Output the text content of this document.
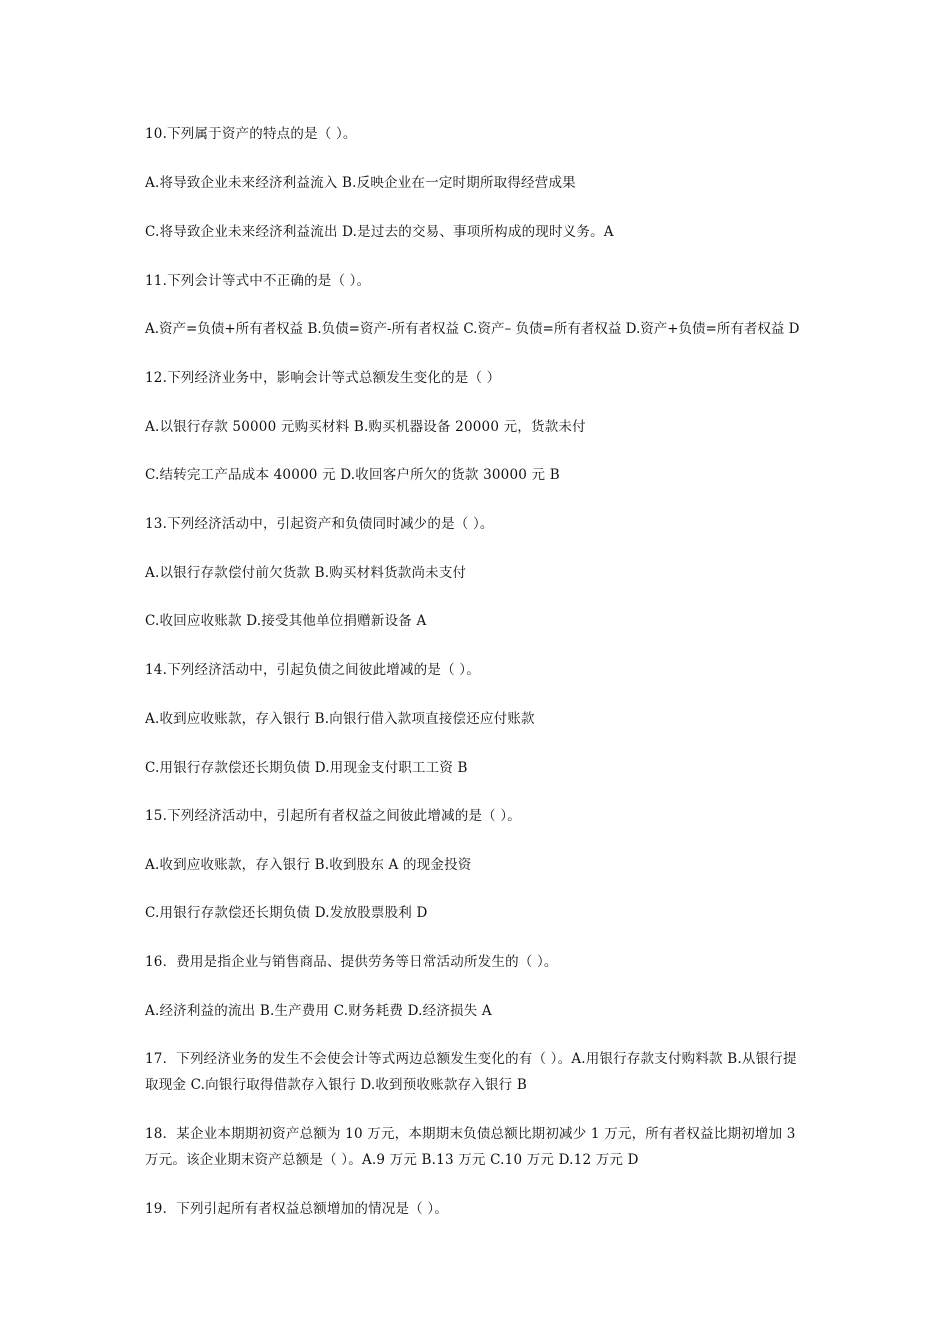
10.下列属于资产的特点的是（ ）。
A.将导致企业未来经济利益流入 B.反映企业在一定时期所取得经营成果
C.将导致企业未来经济利益流出 D.是过去的交易、事项所构成的现时义务。A
11.下列会计等式中不正确的是（ ）。
A.资产=负债+所有者权益 B.负债=资产-所有者权益 C.资产– 负债=所有者权益 D.资产+负债=所有者权益 D
12.下列经济业务中，影响会计等式总额发生变化的是（ ）
A.以银行存款 50000 元购买材料 B.购买机器设备 20000 元，货款未付
C.结转完工产品成本 40000 元 D.收回客户所欠的货款 30000 元 B
13.下列经济活动中，引起资产和负债同时减少的是（ ）。
A.以银行存款偿付前欠货款 B.购买材料货款尚未支付
C.收回应收账款 D.接受其他单位捐赠新设备 A
14.下列经济活动中，引起负债之间彼此增减的是（ ）。
A.收到应收账款，存入银行 B.向银行借入款项直接偿还应付账款
C.用银行存款偿还长期负债 D.用现金支付职工工资 B
15.下列经济活动中，引起所有者权益之间彼此增减的是（ ）。
A.收到应收账款，存入银行 B.收到股东 A 的现金投资
C.用银行存款偿还长期负债 D.发放股票股利 D
16．费用是指企业与销售商品、提供劳务等日常活动所发生的（ ）。
A.经济利益的流出 B.生产费用 C.财务耗费 D.经济损失 A
17．下列经济业务的发生不会使会计等式两边总额发生变化的有（ ）。A.用银行存款支付购料款 B.从银行提取现金 C.向银行取得借款存入银行 D.收到预收账款存入银行 B
18．某企业本期期初资产总额为 10 万元，本期期末负债总额比期初减少 1 万元，所有者权益比期初增加 3 万元。该企业期末资产总额是（ ）。A.9 万元 B.13 万元 C.10 万元 D.12 万元 D
19．下列引起所有者权益总额增加的情况是（ ）。
